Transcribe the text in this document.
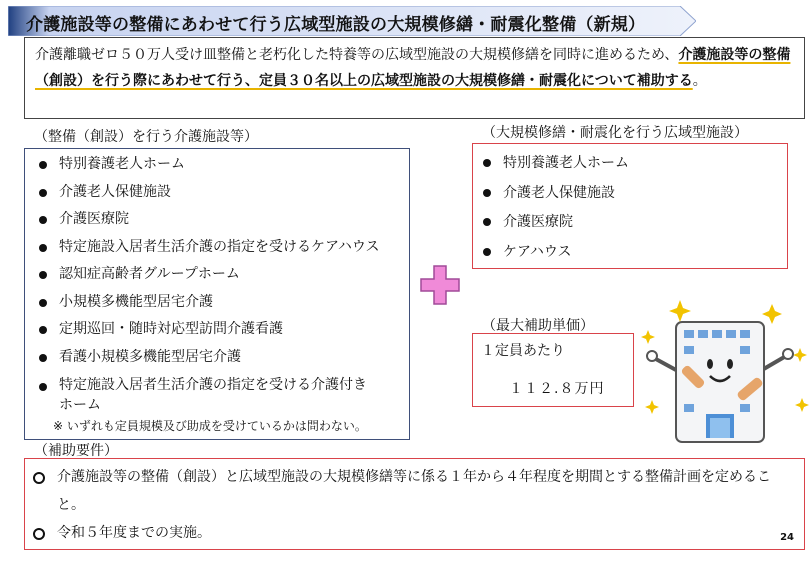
介護施設等の整備にあわせて行う広域型施設の大規模修繕・耐震化整備（新規）
介護離職ゼロ５０万人受け皿整備と老朽化した特養等の広域型施設の大規模修繕を同時に進めるため、介護施設等の整備（創設）を行う際にあわせて行う、定員３０名以上の広域型施設の大規模修繕・耐震化について補助する。
（整備（創設）を行う介護施設等）
特別養護老人ホーム
介護老人保健施設
介護医療院
特定施設入居者生活介護の指定を受けるケアハウス
認知症高齢者グループホーム
小規模多機能型居宅介護
定期巡回・随時対応型訪問介護看護
看護小規模多機能型居宅介護
特定施設入居者生活介護の指定を受ける介護付きホーム
※ いずれも定員規模及び助成を受けているかは問わない。
（大規模修繕・耐震化を行う広域型施設）
特別養護老人ホーム
介護老人保健施設
介護医療院
ケアハウス
（最大補助単価）
１定員あたり
１１２.８万円
（補助要件）
介護施設等の整備（創設）と広域型施設の大規模修繕等に係る１年から４年程度を期間とする整備計画を定めること。
令和５年度までの実施。	24
